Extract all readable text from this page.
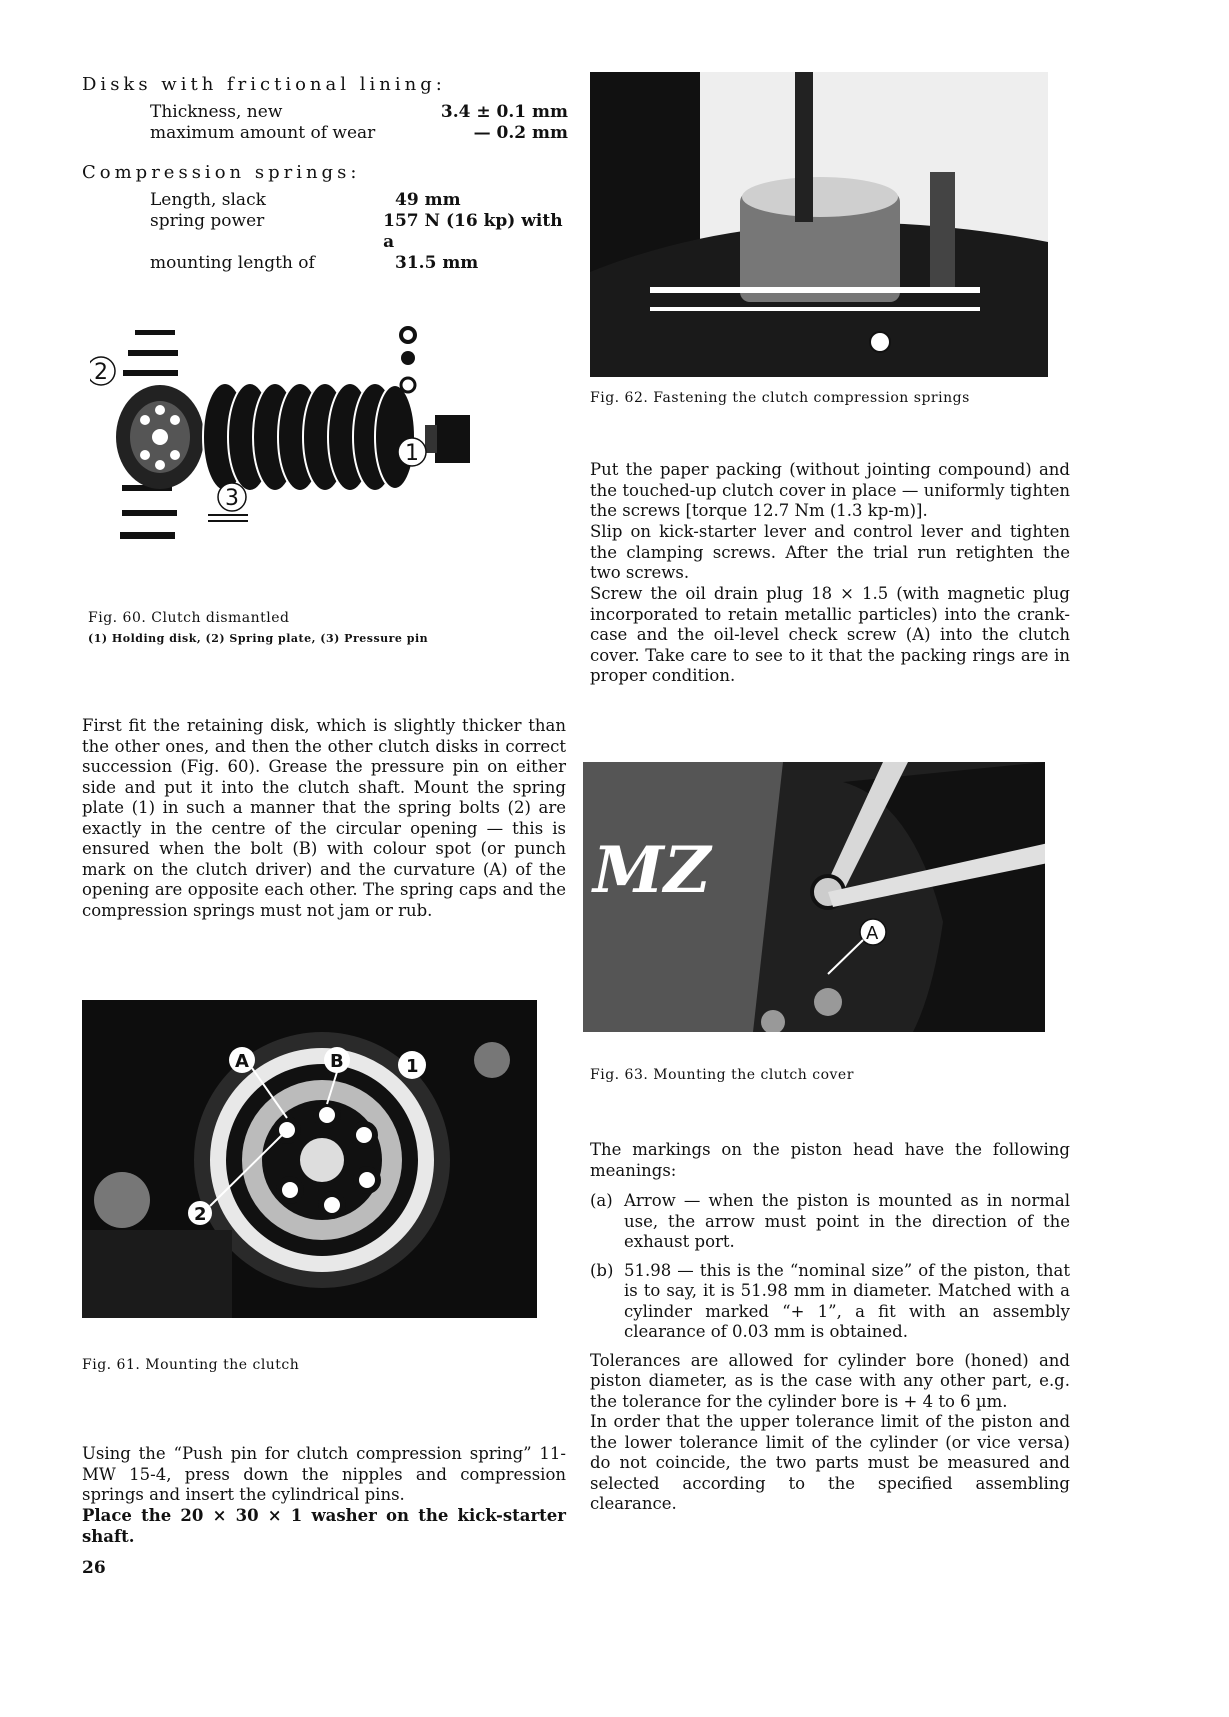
Disks with frictional lining:
Thickness, new	3.4 ± 0.1 mm
maximum amount of wear	— 0.2 mm
Compression springs:
Length, slack	49 mm
spring power	157 N (16 kp) with a
mounting length of	31.5 mm
2
1
3
Fig. 60. Clutch dismantled
(1) Holding disk, (2) Spring plate, (3) Pressure pin

First fit the retaining disk, which is slightly thicker than the other ones, and then the other clutch disks in correct succession (Fig. 60). Grease the pressure pin on either side and put it into the clutch shaft. Mount the spring plate (1) in such a manner that the spring bolts (2) are exactly in the centre of the circular opening — this is ensured when the bolt (B) with colour spot (or punch mark on the clutch driver) and the curvature (A) of the opening are opposite each other. The spring caps and the compression springs must not jam or rub.

A	B	1
2
Fig. 61. Mounting the clutch

Using the “Push pin for clutch compression spring” 11-MW 15-4, press down the nipples and compression springs and insert the cylindrical pins.

Place the 20 × 30 × 1 washer on the kick-starter shaft.

26
Fig. 62. Fastening the clutch compression springs

Put the paper packing (without jointing compound) and the touched-up clutch cover in place — uniformly tighten the screws [torque 12.7 Nm (1.3 kp-m)].

Slip on kick-starter lever and control lever and tighten the clamping screws. After the trial run retighten the two screws.

Screw the oil drain plug 18 × 1.5 (with magnetic plug incorporated to retain metallic particles) into the crank-case and the oil-level check screw (A) into the clutch cover. Take care to see to it that the packing rings are in proper condition.

MZ
A
Fig. 63. Mounting the clutch cover

The markings on the piston head have the following meanings:

(a) Arrow — when the piston is mounted as in normal use, the arrow must point in the direction of the exhaust port.
(b) 51.98 — this is the “nominal size” of the piston, that is to say, it is 51.98 mm in diameter. Matched with a cylinder marked “+ 1”, a fit with an assembly clearance of 0.03 mm is obtained.

Tolerances are allowed for cylinder bore (honed) and piston diameter, as is the case with any other part, e.g. the tolerance for the cylinder bore is + 4 to 6 µm.

In order that the upper tolerance limit of the piston and the lower tolerance limit of the cylinder (or vice versa) do not coincide, the two parts must be measured and selected according to the specified assembling clearance.
